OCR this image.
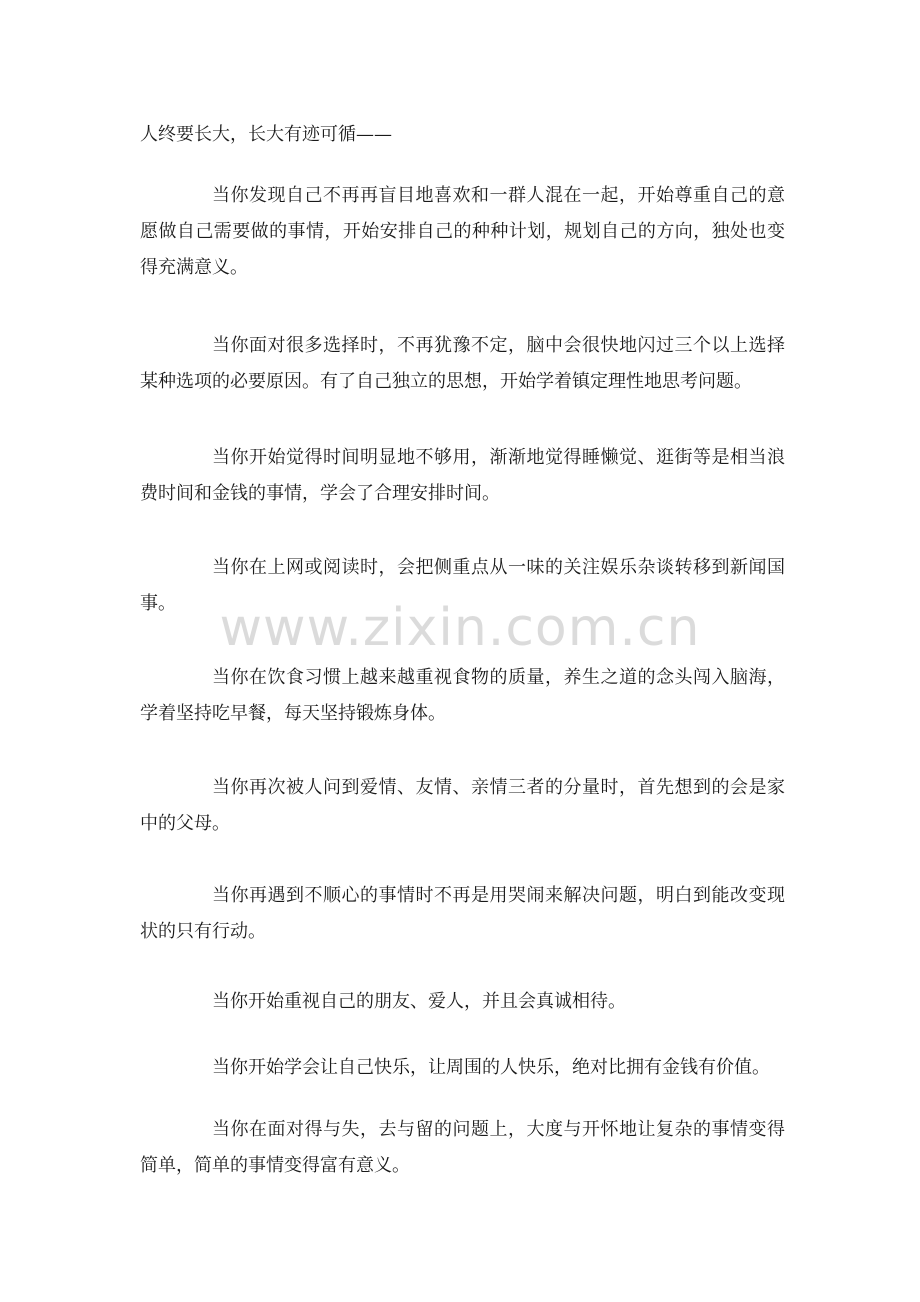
人终要长大，长大有迹可循——

当你发现自己不再再盲目地喜欢和一群人混在一起，开始尊重自己的意愿做自己需要做的事情，开始安排自己的种种计划，规划自己的方向，独处也变得充满意义。

当你面对很多选择时，不再犹豫不定，脑中会很快地闪过三个以上选择某种选项的必要原因。有了自己独立的思想，开始学着镇定理性地思考问题。

当你开始觉得时间明显地不够用，渐渐地觉得睡懒觉、逛街等是相当浪费时间和金钱的事情，学会了合理安排时间。

当你在上网或阅读时，会把侧重点从一味的关注娱乐杂谈转移到新闻国事。

当你在饮食习惯上越来越重视食物的质量，养生之道的念头闯入脑海，学着坚持吃早餐，每天坚持锻炼身体。

当你再次被人问到爱情、友情、亲情三者的分量时，首先想到的会是家中的父母。

当你再遇到不顺心的事情时不再是用哭闹来解决问题，明白到能改变现状的只有行动。

当你开始重视自己的朋友、爱人，并且会真诚相待。

当你开始学会让自己快乐，让周围的人快乐，绝对比拥有金钱有价值。

当你在面对得与失，去与留的问题上，大度与开怀地让复杂的事情变得简单，简单的事情变得富有意义。

www.zixin.com.cn
